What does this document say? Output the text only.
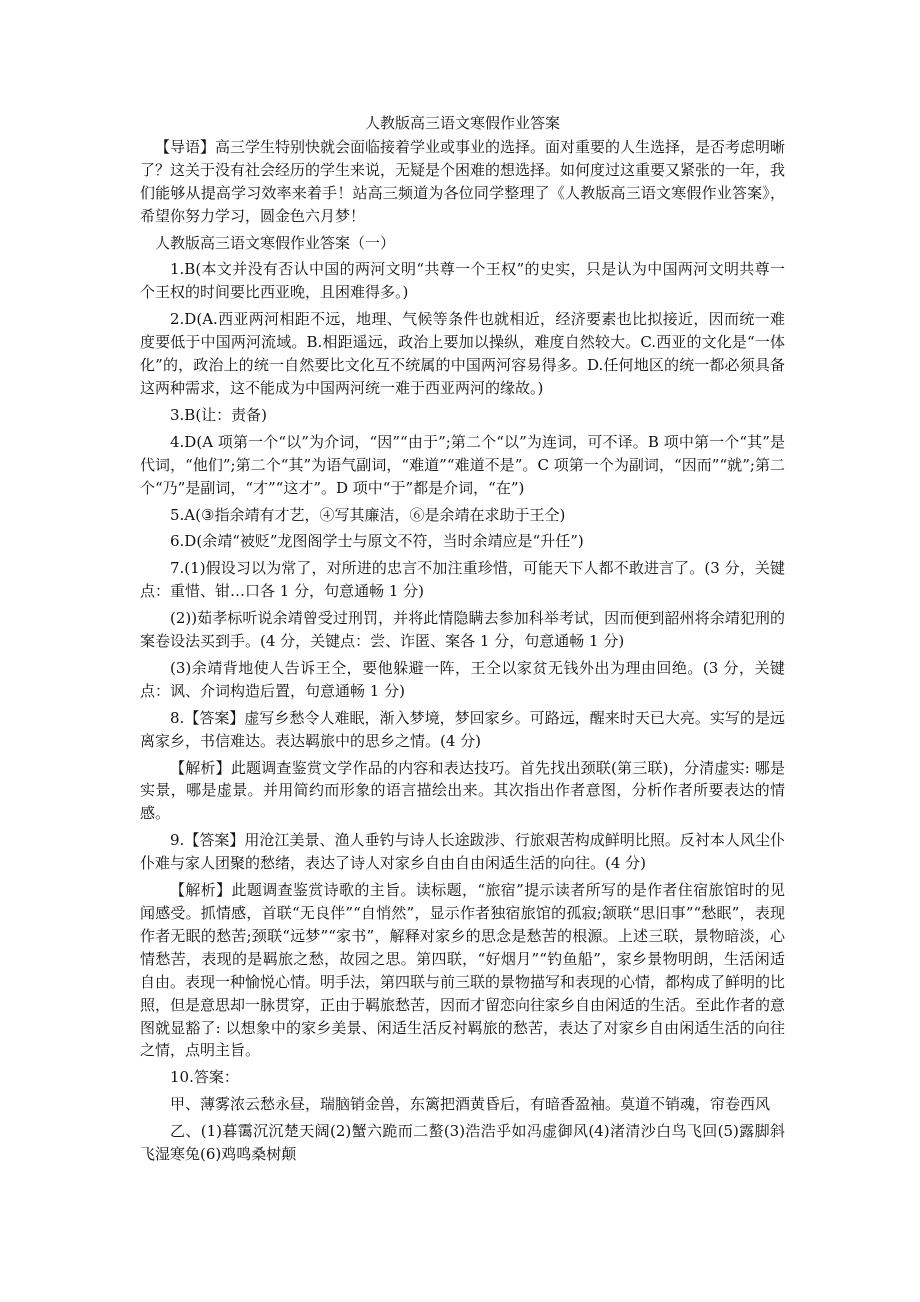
人教版高三语文寒假作业答案
【导语】高三学生特别快就会面临接着学业或事业的选择。面对重要的人生选择，是否考虑明晰了？这关于没有社会经历的学生来说，无疑是个困难的想选择。如何度过这重要又紧张的一年，我们能够从提高学习效率来着手！站高三频道为各位同学整理了《人教版高三语文寒假作业答案》，希望你努力学习，圆金色六月梦！
人教版高三语文寒假作业答案（一）
1.B(本文并没有否认中国的两河文明“共尊一个王权”的史实，只是认为中国两河文明共尊一个王权的时间要比西亚晚，且困难得多。)
2.D(A.西亚两河相距不远，地理、气候等条件也就相近，经济要素也比拟接近，因而统一难度要低于中国两河流域。B.相距遥远，政治上要加以操纵，难度自然较大。C.西亚的文化是“一体化”的，政治上的统一自然要比文化互不统属的中国两河容易得多。D.任何地区的统一都必须具备这两种需求，这不能成为中国两河统一难于西亚两河的缘故。)
3.B(让：责备)
4.D(A 项第一个“以”为介词，“因”“由于”;第二个“以”为连词，可不译。B 项中第一个“其”是代词，“他们”;第二个“其”为语气副词，“难道”“难道不是”。C 项第一个为副词，“因而”“就”;第二个“乃”是副词，“才”“这才”。D 项中“于”都是介词，“在”)
5.A(③指余靖有才艺，④写其廉洁，⑥是余靖在求助于王仝)
6.D(余靖“被贬”龙图阁学士与原文不符，当时余靖应是“升任”)
7.(1)假设习以为常了，对所进的忠言不加注重珍惜，可能天下人都不敢进言了。(3 分，关键点：重惜、钳…口各 1 分，句意通畅 1 分)
(2))茹孝标听说余靖曾受过刑罚，并将此情隐瞒去参加科举考试，因而便到韶州将余靖犯刑的案卷设法买到手。(4 分，关键点：尝、诈匿、案各 1 分，句意通畅 1 分)
(3)余靖背地使人告诉王仝，要他躲避一阵，王仝以家贫无钱外出为理由回绝。(3 分，关键点：讽、介词构造后置，句意通畅 1 分)
8.【答案】虚写乡愁令人难眠，渐入梦境，梦回家乡。可路远，醒来时天已大亮。实写的是远离家乡，书信难达。表达羁旅中的思乡之情。(4 分)
【解析】此题调查鉴赏文学作品的内容和表达技巧。首先找出颈联(第三联)，分清虚实: 哪是实景，哪是虚景。并用简约而形象的语言描绘出来。其次指出作者意图，分析作者所要表达的情感。
9.【答案】用沧江美景、渔人垂钓与诗人长途跋涉、行旅艰苦构成鲜明比照。反衬本人风尘仆仆难与家人团聚的愁绪，表达了诗人对家乡自由自由闲适生活的向往。(4 分)
【解析】此题调查鉴赏诗歌的主旨。读标题，“旅宿”提示读者所写的是作者住宿旅馆时的见闻感受。抓情感，首联“无良伴”“自悄然”，显示作者独宿旅馆的孤寂;颔联“思旧事”“愁眠”，表现作者无眠的愁苦;颈联“远梦”“家书”，解释对家乡的思念是愁苦的根源。上述三联，景物暗淡，心情愁苦，表现的是羁旅之愁，故园之思。第四联，“好烟月”“钓鱼船”，家乡景物明朗，生活闲适自由。表现一种愉悦心情。明手法，第四联与前三联的景物描写和表现的心情，都构成了鲜明的比照，但是意思却一脉贯穿，正由于羁旅愁苦，因而才留恋向往家乡自由闲适的生活。至此作者的意图就显豁了: 以想象中的家乡美景、闲适生活反衬羁旅的愁苦，表达了对家乡自由闲适生活的向往之情，点明主旨。
10.答案：
甲、薄雾浓云愁永昼，瑞脑销金兽，东篱把酒黄昏后，有暗香盈袖。莫道不销魂，帘卷西风
乙、(1)暮霭沉沉楚天阔(2)蟹六跪而二螯(3)浩浩乎如冯虚御风(4)渚清沙白鸟飞回(5)露脚斜飞湿寒兔(6)鸡鸣桑树颠
